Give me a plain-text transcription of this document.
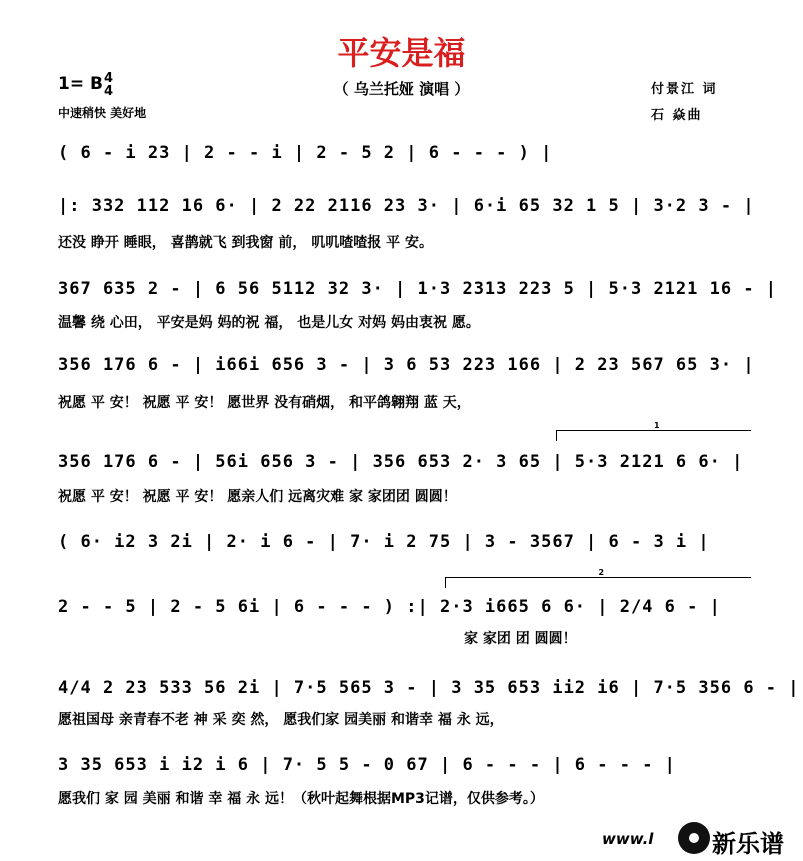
平安是福
（ 乌兰托娅 演唱 ）
1= B 4
4
中速稍快 美好地
付景江 词
石 焱曲
( 6 - i 23 | 2 - - i | 2 - 5 2 | 6 - - - ) |
|: 332 112 16 6· | 2 22 2116 23 3· | 6·i 65 32 1 5 | 3·2 3 - |
还没 睁开 睡眼， 喜鹊就飞 到我窗 前， 叽叽喳喳报 平 安。
367 635 2 - | 6 56 5112 32 3· | 1·3 2313 223 5 | 5·3 2121 16 - |
温馨 绕 心田， 平安是妈 妈的祝 福， 也是儿女 对妈 妈由衷祝 愿。
356 176 6 - | i66i 656 3 - | 3 6 53 223 166 | 2 23 567 65 3· |
祝愿 平 安！ 祝愿 平 安！ 愿世界 没有硝烟， 和平鸽翱翔 蓝 天，
1
356 176 6 - | 56i 656 3 - | 356 653 2· 3 65 | 5·3 2121 6 6· |
祝愿 平 安！ 祝愿 平 安！ 愿亲人们 远离灾难 家 家团团 圆圆！
( 6· i2 3 2i | 2· i 6 - | 7· i 2 75 | 3 - 3567 | 6 - 3 i |
2
2 - - 5 | 2 - 5 6i | 6 - - - ) :| 2·3 i665 6 6· | 2/4 6 - |
家 家团 团 圆圆！
4/4 2 23 533 56 2i | 7·5 565 3 - | 3 35 653 ii2 i6 | 7·5 356 6 - |
愿祖国母 亲青春不老 神 采 奕 然， 愿我们家 园美丽 和谐幸 福 永 远，
3 35 653 i i2 i 6 | 7· 5 5 - 0 67 | 6 - - - | 6 - - - |
愿我们 家 园 美丽 和谐 幸 福 永 远！（秋叶起舞根据MP3记谱，仅供参考。）
www.l 新乐谱
